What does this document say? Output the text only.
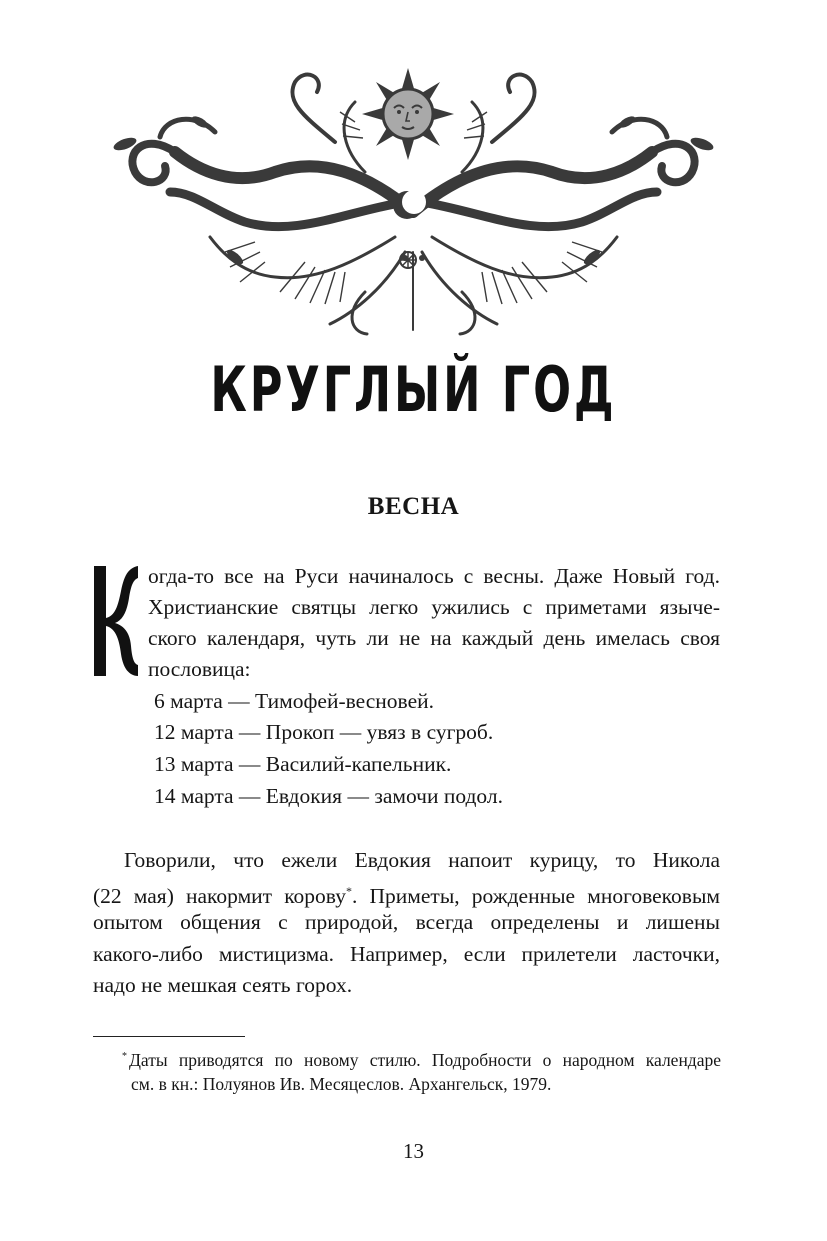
КРУГЛЫЙ ГОД
ВЕСНА
огда-то все на Руси начиналось с весны. Даже Новый год.
Христианские святцы легко ужились с приметами языче-
ского календаря, чуть ли не на каждый день имелась своя
пословица:
6 марта — Тимофей-весновей.
12 марта — Прокоп — увяз в сугроб.
13 марта — Василий-капельник.
14 марта — Евдокия — замочи подол.
Говорили, что ежели Евдокия напоит курицу, то Никола
(22 мая) накормит корову*. Приметы, рожденные многовековым
опытом общения с природой, всегда определены и лишены
какого-либо мистицизма. Например, если прилетели ласточки,
надо не мешкая сеять горох.
* Даты приводятся по новому стилю. Подробности о народном календаре
см. в кн.: Полуянов Ив. Месяцеслов. Архангельск, 1979.
13
